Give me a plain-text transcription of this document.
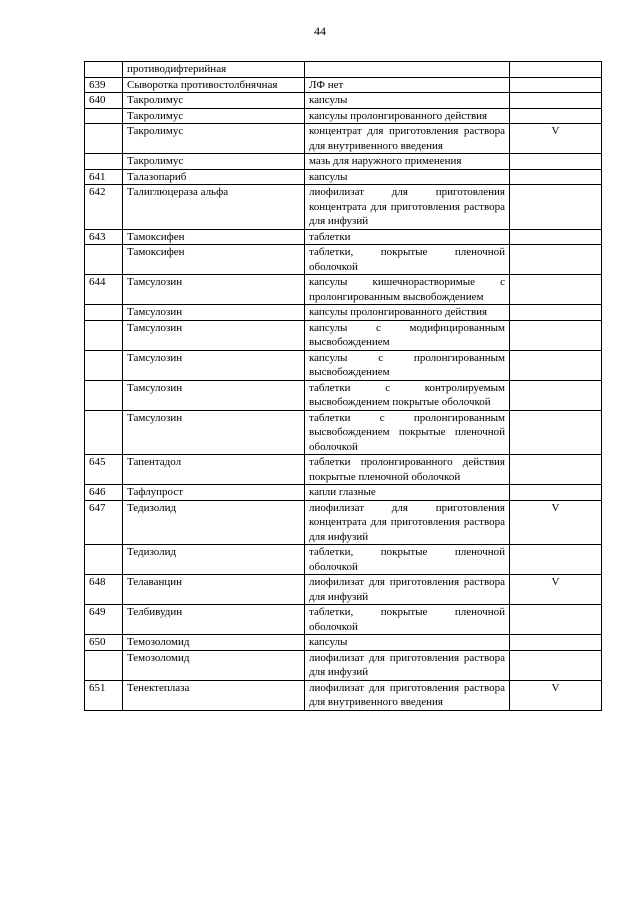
44
	противодифтерийная		
639	Сыворотка противостолбнячная	ЛФ нет	
640	Такролимус	капсулы	
	Такролимус	капсулы пролонгированного действия	
	Такролимус	концентрат для приготовления раствора для внутривенного введения	V
	Такролимус	мазь для наружного применения	
641	Талазопариб	капсулы	
642	Талиглюцераза альфа	лиофилизат для приготовления концентрата для приготовления раствора для инфузий	
643	Тамоксифен	таблетки	
	Тамоксифен	таблетки, покрытые пленочной оболочкой	
644	Тамсулозин	капсулы кишечнорастворимые с пролонгированным высвобождением	
	Тамсулозин	капсулы пролонгированного действия	
	Тамсулозин	капсулы с модифицированным высвобождением	
	Тамсулозин	капсулы с пролонгированным высвобождением	
	Тамсулозин	таблетки с контролируемым высвобождением покрытые оболочкой	
	Тамсулозин	таблетки с пролонгированным высвобождением покрытые пленочной оболочкой	
645	Тапентадол	таблетки пролонгированного действия покрытые пленочной оболочкой	
646	Тафлупрост	капли глазные	
647	Тедизолид	лиофилизат для приготовления концентрата для приготовления раствора для инфузий	V
	Тедизолид	таблетки, покрытые пленочной оболочкой	
648	Телаванцин	лиофилизат для приготовления раствора для инфузий	V
649	Телбивудин	таблетки, покрытые пленочной оболочкой	
650	Темозоломид	капсулы	
	Темозоломид	лиофилизат для приготовления раствора для инфузий	
651	Тенектеплаза	лиофилизат для приготовления раствора для внутривенного введения	V
